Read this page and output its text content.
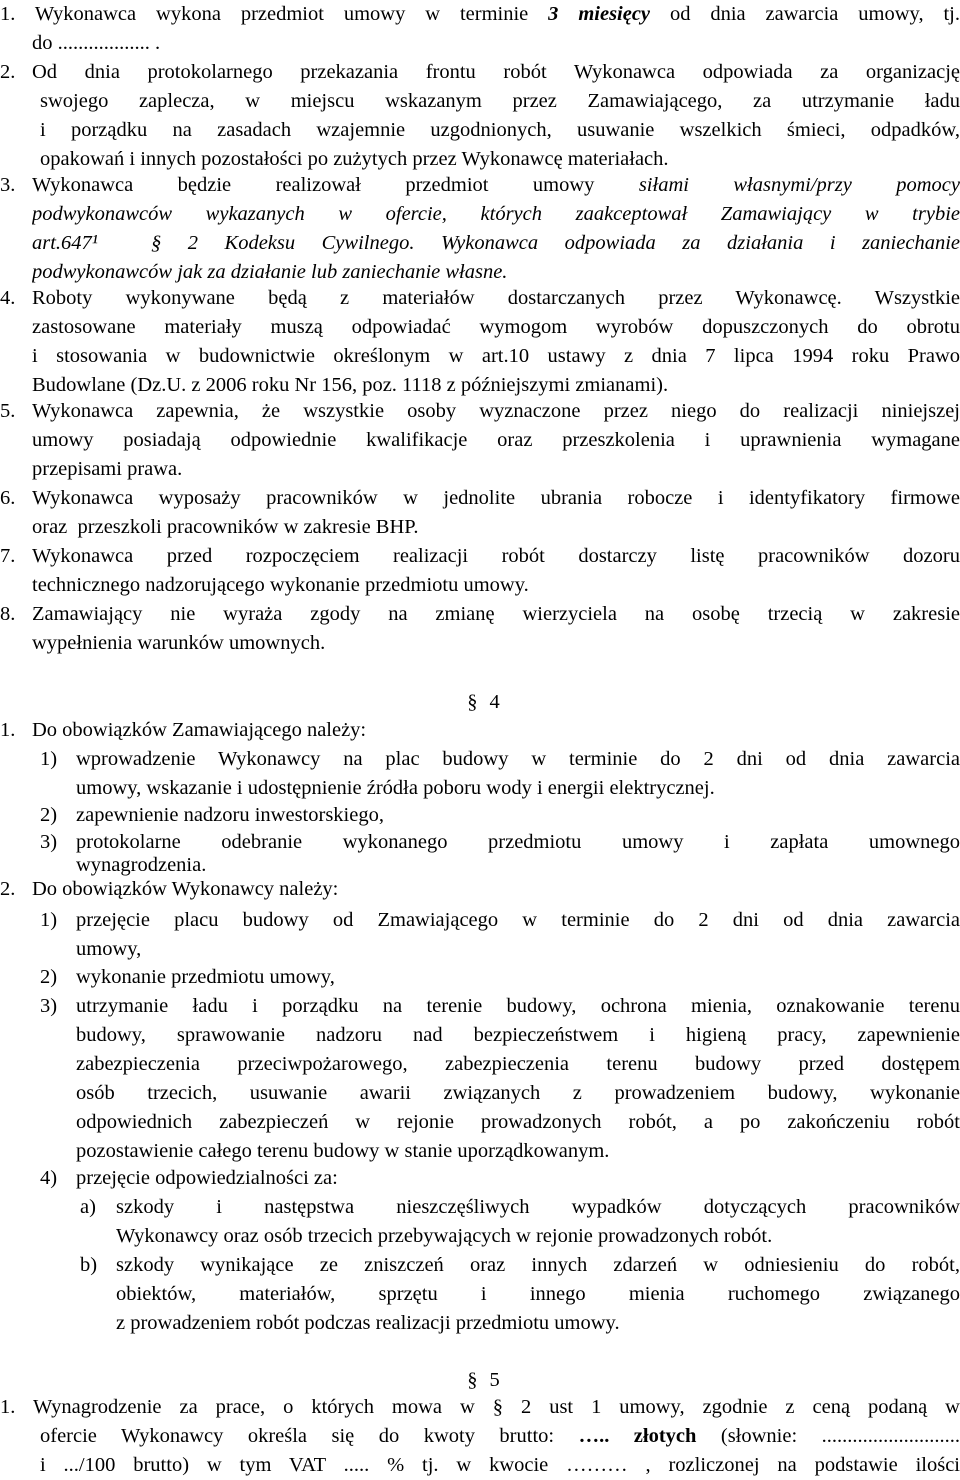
1. Wykonawca wykona przedmiot umowy w terminie 3 miesięcy od dnia zawarcia umowy, tj.
do .................. .
2. Od dnia protokolarnego przekazania frontu robót Wykonawca odpowiada za organizację
swojego zaplecza, w miejscu wskazanym przez Zamawiającego, za utrzymanie ładu
i porządku na zasadach wzajemnie uzgodnionych, usuwanie wszelkich śmieci, odpadków,
opakowań i innych pozostałości po zużytych przez Wykonawcę materiałach.
3. Wykonawca będzie realizował przedmiot umowy siłami własnymi/przy pomocy
podwykonawców wykazanych w ofercie, których zaakceptował Zamawiający w trybie
art.647¹  § 2 Kodeksu Cywilnego. Wykonawca odpowiada za działania i zaniechanie
podwykonawców jak za działanie lub zaniechanie własne.
4. Roboty wykonywane będą z materiałów dostarczanych przez Wykonawcę. Wszystkie
zastosowane materiały muszą odpowiadać wymogom wyrobów dopuszczonych do obrotu
i stosowania w budownictwie określonym w art.10 ustawy z dnia 7 lipca 1994 roku Prawo
Budowlane (Dz.U. z 2006 roku Nr 156, poz. 1118 z późniejszymi zmianami).
5. Wykonawca zapewnia, że wszystkie osoby wyznaczone przez niego do realizacji niniejszej
umowy posiadają odpowiednie kwalifikacje oraz przeszkolenia i uprawnienia wymagane
przepisami prawa.
6. Wykonawca wyposaży pracowników w jednolite ubrania robocze i identyfikatory firmowe
oraz  przeszkoli pracowników w zakresie BHP.
7. Wykonawca przed rozpoczęciem realizacji robót dostarczy listę pracowników dozoru
technicznego nadzorującego wykonanie przedmiotu umowy.
8. Zamawiający nie wyraża zgody na zmianę wierzyciela na osobę trzecią w zakresie
wypełnienia warunków umownych.
§ 4
1. Do obowiązków Zamawiającego należy:
1) wprowadzenie Wykonawcy na plac budowy w terminie do 2 dni od dnia zawarcia
umowy, wskazanie i udostępnienie źródła poboru wody i energii elektrycznej.
2) zapewnienie nadzoru inwestorskiego,
3) protokolarne odebranie wykonanego przedmiotu umowy i zapłata umownego
wynagrodzenia.
2. Do obowiązków Wykonawcy należy:
1) przejęcie placu budowy od Zmawiającego w terminie do 2 dni od dnia zawarcia
umowy,
2) wykonanie przedmiotu umowy,
3) utrzymanie ładu i porządku na terenie budowy, ochrona mienia, oznakowanie terenu
budowy, sprawowanie nadzoru nad bezpieczeństwem i higieną pracy, zapewnienie
zabezpieczenia przeciwpożarowego, zabezpieczenia terenu budowy przed dostępem
osób trzecich, usuwanie awarii związanych z prowadzeniem budowy, wykonanie
odpowiednich zabezpieczeń w rejonie prowadzonych robót, a po zakończeniu robót
pozostawienie całego terenu budowy w stanie uporządkowanym.
4) przejęcie odpowiedzialności za:
a) szkody i następstwa nieszczęśliwych wypadków dotyczących pracowników
Wykonawcy oraz osób trzecich przebywających w rejonie prowadzonych robót.
b) szkody wynikające ze zniszczeń oraz innych zdarzeń w odniesieniu do robót,
obiektów, materiałów, sprzętu i innego mienia ruchomego związanego
z prowadzeniem robót podczas realizacji przedmiotu umowy.
§ 5
1. Wynagrodzenie za prace, o których mowa w § 2 ust 1 umowy, zgodnie z ceną podaną w
ofercie Wykonawcy określa się do kwoty brutto: ….. złotych (słownie: ...........................
i .../100 brutto) w tym VAT ..... % tj. w kwocie ……… , rozliczonej na podstawie ilości
